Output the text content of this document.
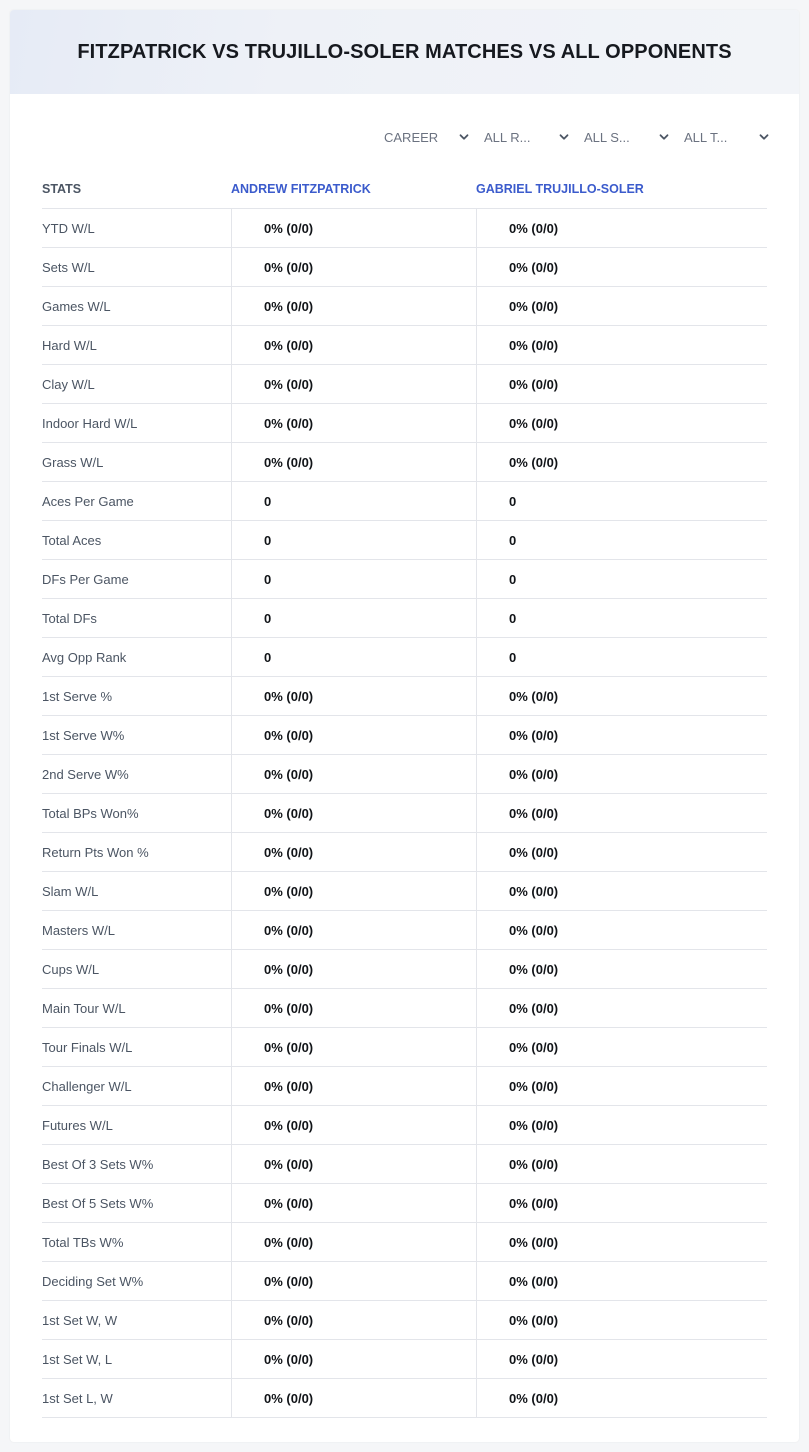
FITZPATRICK VS TRUJILLO-SOLER MATCHES VS ALL OPPONENTS
CAREER	ALL R...	ALL S...	ALL T...
STATS	ANDREW FITZPATRICK	GABRIEL TRUJILLO-SOLER
YTD W/L	0% (0/0)	0% (0/0)
Sets W/L	0% (0/0)	0% (0/0)
Games W/L	0% (0/0)	0% (0/0)
Hard W/L	0% (0/0)	0% (0/0)
Clay W/L	0% (0/0)	0% (0/0)
Indoor Hard W/L	0% (0/0)	0% (0/0)
Grass W/L	0% (0/0)	0% (0/0)
Aces Per Game	0	0
Total Aces	0	0
DFs Per Game	0	0
Total DFs	0	0
Avg Opp Rank	0	0
1st Serve %	0% (0/0)	0% (0/0)
1st Serve W%	0% (0/0)	0% (0/0)
2nd Serve W%	0% (0/0)	0% (0/0)
Total BPs Won%	0% (0/0)	0% (0/0)
Return Pts Won %	0% (0/0)	0% (0/0)
Slam W/L	0% (0/0)	0% (0/0)
Masters W/L	0% (0/0)	0% (0/0)
Cups W/L	0% (0/0)	0% (0/0)
Main Tour W/L	0% (0/0)	0% (0/0)
Tour Finals W/L	0% (0/0)	0% (0/0)
Challenger W/L	0% (0/0)	0% (0/0)
Futures W/L	0% (0/0)	0% (0/0)
Best Of 3 Sets W%	0% (0/0)	0% (0/0)
Best Of 5 Sets W%	0% (0/0)	0% (0/0)
Total TBs W%	0% (0/0)	0% (0/0)
Deciding Set W%	0% (0/0)	0% (0/0)
1st Set W, W	0% (0/0)	0% (0/0)
1st Set W, L	0% (0/0)	0% (0/0)
1st Set L, W	0% (0/0)	0% (0/0)
